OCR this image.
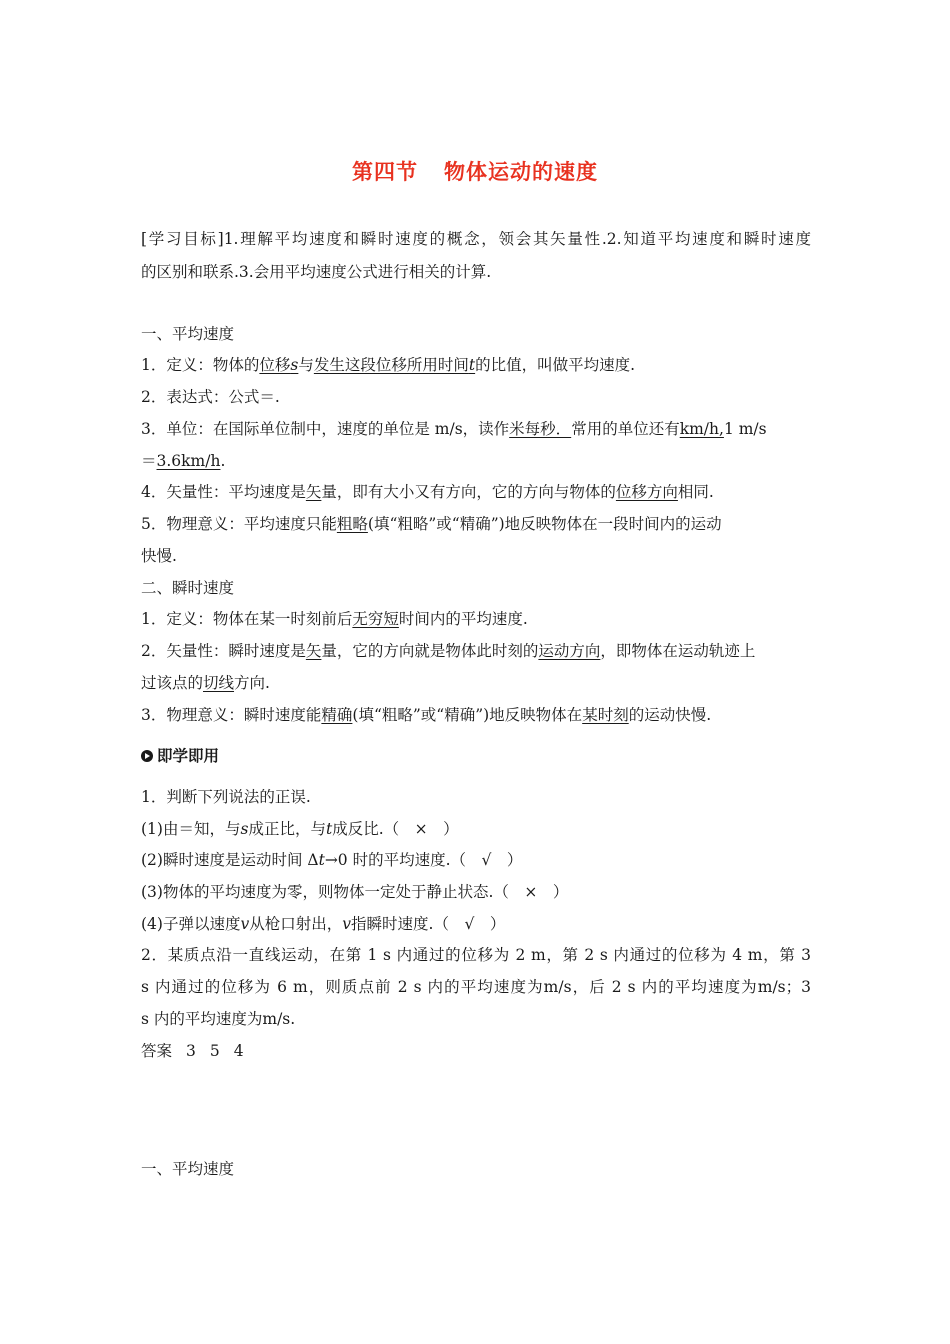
第四节 物体运动的速度
[学习目标]1.理解平均速度和瞬时速度的概念，领会其矢量性.2.知道平均速度和瞬时速度
的区别和联系.3.会用平均速度公式进行相关的计算.
一、平均速度
1．定义：物体的位移s与发生这段位移所用时间t的比值，叫做平均速度.
2．表达式：公式＝.
3．单位：在国际单位制中，速度的单位是 m/s，读作米每秒．常用的单位还有km/h,1 m/s
＝3.6km/h.
4．矢量性：平均速度是矢量，即有大小又有方向，它的方向与物体的位移方向相同.
5．物理意义：平均速度只能粗略(填“粗略”或“精确”)地反映物体在一段时间内的运动
快慢.
二、瞬时速度
1．定义：物体在某一时刻前后无穷短时间内的平均速度.
2．矢量性：瞬时速度是矢量，它的方向就是物体此时刻的运动方向，即物体在运动轨迹上
过该点的切线方向.
3．物理意义：瞬时速度能精确(填“粗略”或“精确”)地反映物体在某时刻的运动快慢.
即学即用
1．判断下列说法的正误.
(1)由＝知，与s成正比，与t成反比.（　×　）
(2)瞬时速度是运动时间 Δt→0 时的平均速度.（　√　）
(3)物体的平均速度为零，则物体一定处于静止状态.（　×　）
(4)子弹以速度v从枪口射出，v指瞬时速度.（　√　）
2．某质点沿一直线运动，在第 1 s 内通过的位移为 2 m，第 2 s 内通过的位移为 4 m，第 3
s 内通过的位移为 6 m，则质点前 2 s 内的平均速度为m/s，后 2 s 内的平均速度为m/s；3
s 内的平均速度为m/s.
答案 3 5 4
一、平均速度
